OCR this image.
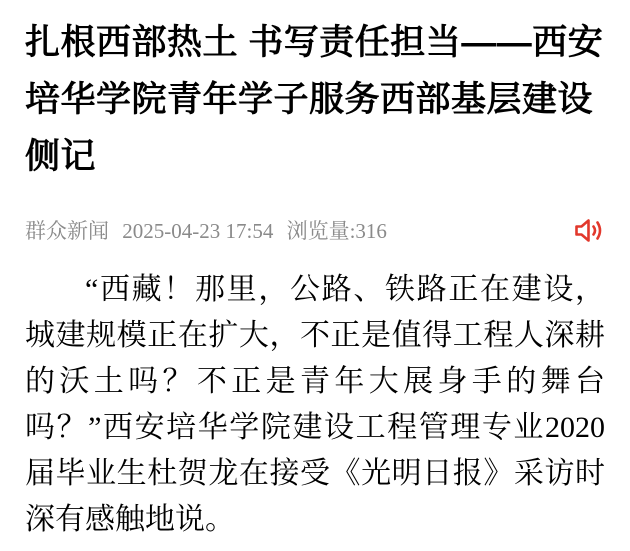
扎根西部热土 书写责任担当——西安培华学院青年学子服务西部基层建设侧记
群众新闻 2025-04-23 17:54 浏览量:316

“西藏！那里，公路、铁路正在建设，城建规模正在扩大，不正是值得工程人深耕的沃土吗？不正是青年大展身手的舞台吗？”西安培华学院建设工程管理专业2020届毕业生杜贺龙在接受《光明日报》采访时深有感触地说。
